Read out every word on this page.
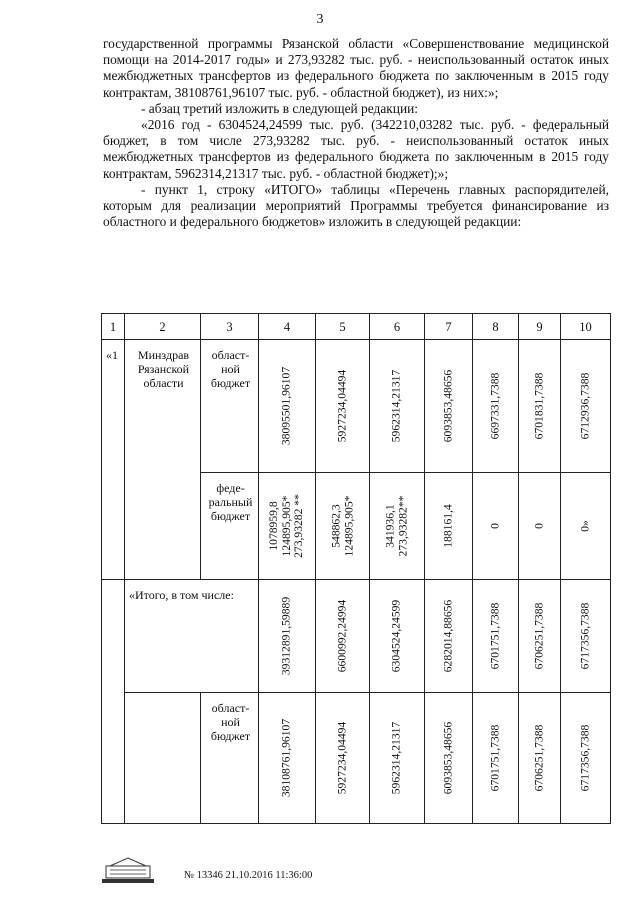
3

государственной программы Рязанской области «Совершенствование медицинской помощи на 2014-2017 годы» и 273,93282 тыс. руб. - неиспользованный остаток иных межбюджетных трансфертов из федерального бюджета по заключенным в 2015 году контрактам, 38108761,96107 тыс. руб. - областной бюджет), из них:»;

- абзац третий изложить в следующей редакции:

«2016 год - 6304524,24599 тыс. руб. (342210,03282 тыс. руб. - федеральный бюджет, в том числе 273,93282 тыс. руб. - неиспользованный остаток иных межбюджетных трансфертов из федерального бюджета по заключенным в 2015 году контрактам, 5962314,21317 тыс. руб. - областной бюджет);»;

- пункт 1, строку «ИТОГО» таблицы «Перечень главных распорядителей, которым для реализации мероприятий Программы требуется финансирование из областного и федерального бюджетов» изложить в следующей редакции:

1	2	3	4	5	6	7	8	9	10
«1	Минздрав Рязанской области	област-ной бюджет	38095501,96107	5927234,04494	5962314,21317	6093853,48656	6697331,7388	6701831,7388	6712936,7388

		феде-ральный бюджет	1078959,8 124895,905* 273,93282 **	548862,3 124895,905*	341936,1 273,93282**	188161,4	0	0	0»

	«Итого, в том числе:		39312891,59889	6600992,24994	6304524,24599	6282014,88656	6701751,7388	6706251,7388	6717356,7388

		област-ной бюджет	38108761,96107	5927234,04494	5962314,21317	6093853,48656	6701751,7388	6706251,7388	6717356,7388
№ 13346 21.10.2016 11:36:00
